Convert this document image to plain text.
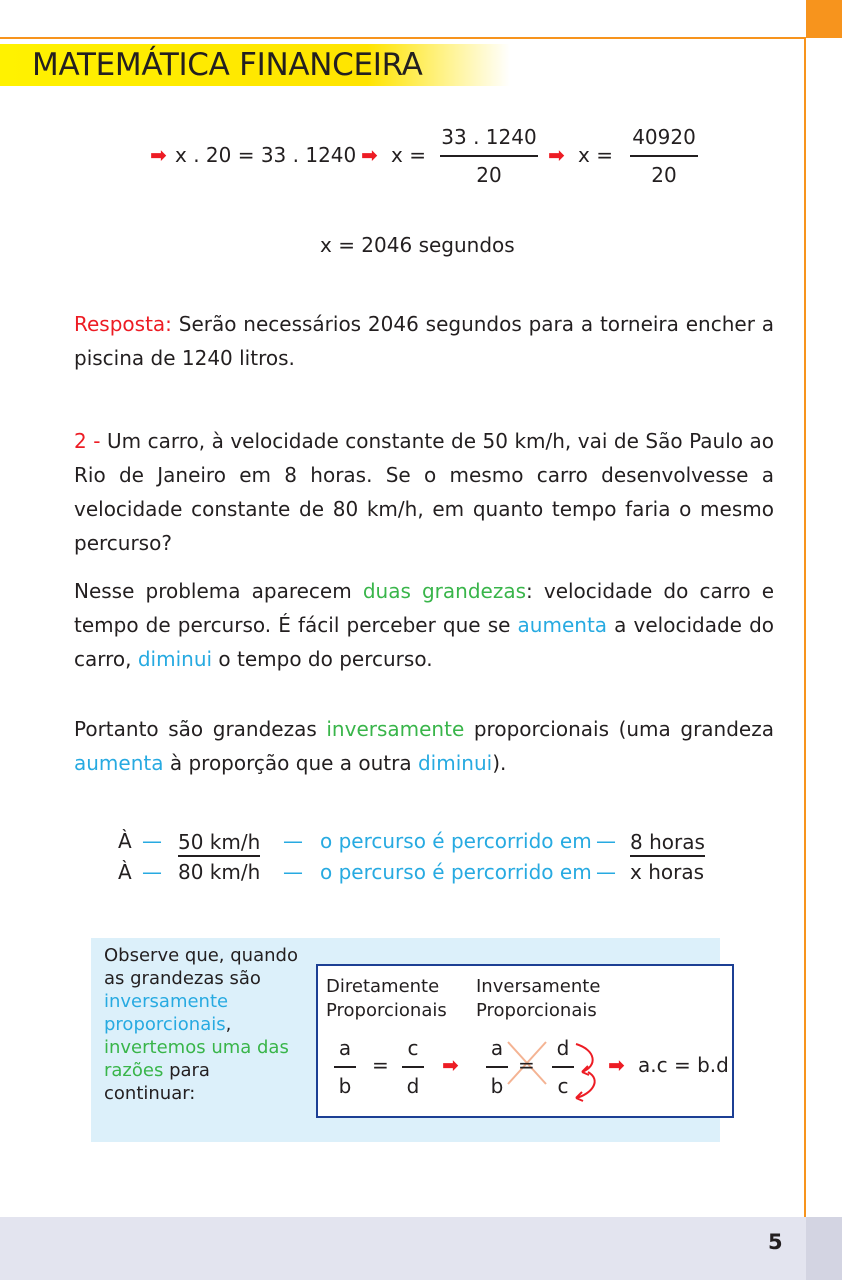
MATEMÁTICA FINANCEIRA
➡ x . 20 = 33 . 1240 ➡ x =
33 . 1240
20
➡ x =
40920
20
x = 2046 segundos
Resposta: Serão necessários 2046 segundos para a torneira encher a piscina de 1240 litros.
2 - Um carro, à velocidade constante de 50 km/h, vai de São Paulo ao Rio de Janeiro em 8 horas. Se o mesmo carro desenvolvesse a velocidade constante de 80 km/h, em quanto tempo faria o mesmo percurso?
Nesse problema aparecem duas grandezas: velocidade do carro e tempo de percurso. É fácil perceber que se aumenta a velocidade do carro, diminui o tempo do percurso.
Portanto são grandezas inversamente proporcionais (uma grandeza aumenta à proporção que a outra diminui).
À — 50 km/h — o percurso é percorrido em — 8 horas
À — 80 km/h — o percurso é percorrido em — x horas
Observe que, quando
as grandezas são
inversamente proporcionais, invertemos uma das razões para continuar:
Diretamente
Proporcionais
Inversamente
Proporcionais
a
b
=
c
d
➡
a
b
=
d
c
➡ a.c = b.d
5
